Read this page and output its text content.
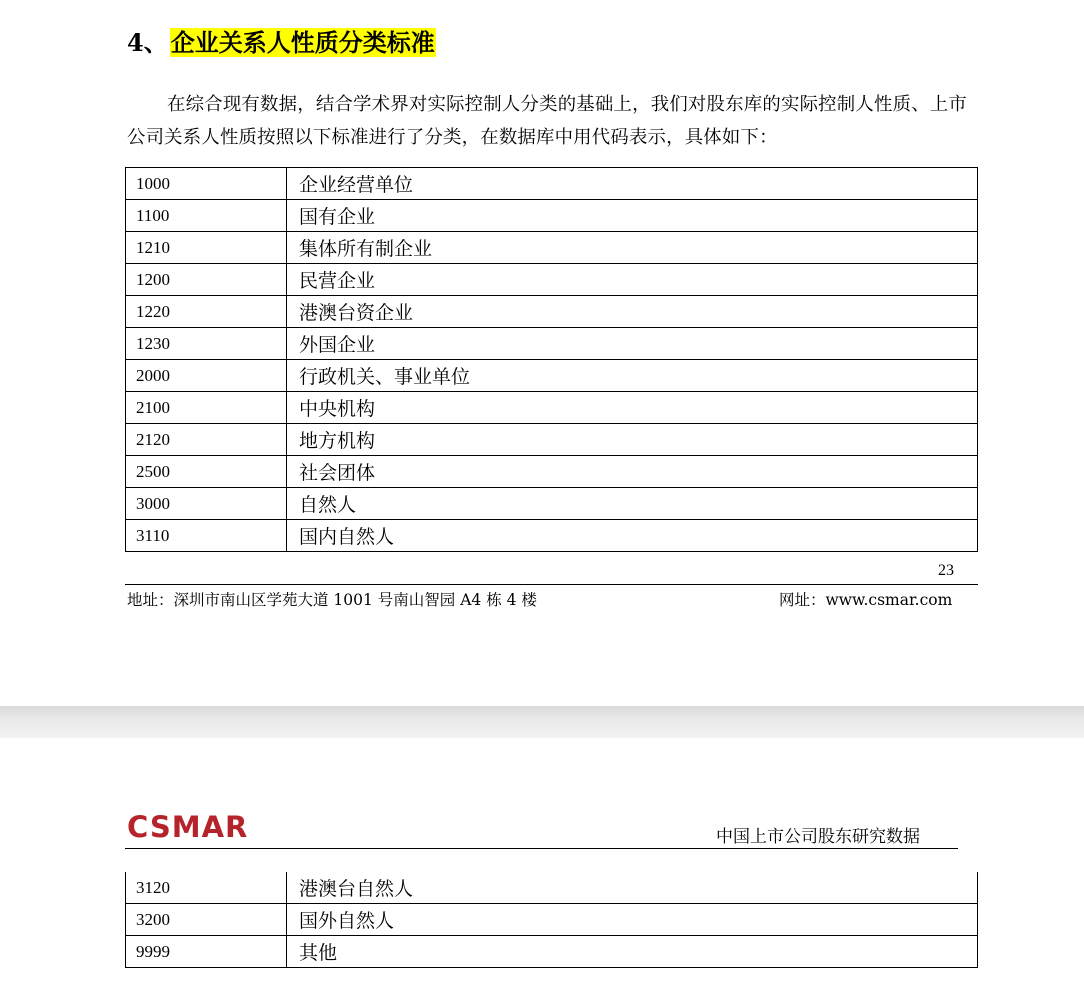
4、 企业关系人性质分类标准
在综合现有数据，结合学术界对实际控制人分类的基础上，我们对股东库的实际控制人性质、上市公司关系人性质按照以下标准进行了分类，在数据库中用代码表示，具体如下：
1000	企业经营单位
1100	国有企业
1210	集体所有制企业
1200	民营企业
1220	港澳台资企业
1230	外国企业
2000	行政机关、事业单位
2100	中央机构
2120	地方机构
2500	社会团体
3000	自然人
3110	国内自然人
23
地址：深圳市南山区学苑大道 1001 号南山智园 A4 栋 4 楼	网址：www.csmar.com
CSMAR	中国上市公司股东研究数据
3120	港澳台自然人
3200	国外自然人
9999	其他
